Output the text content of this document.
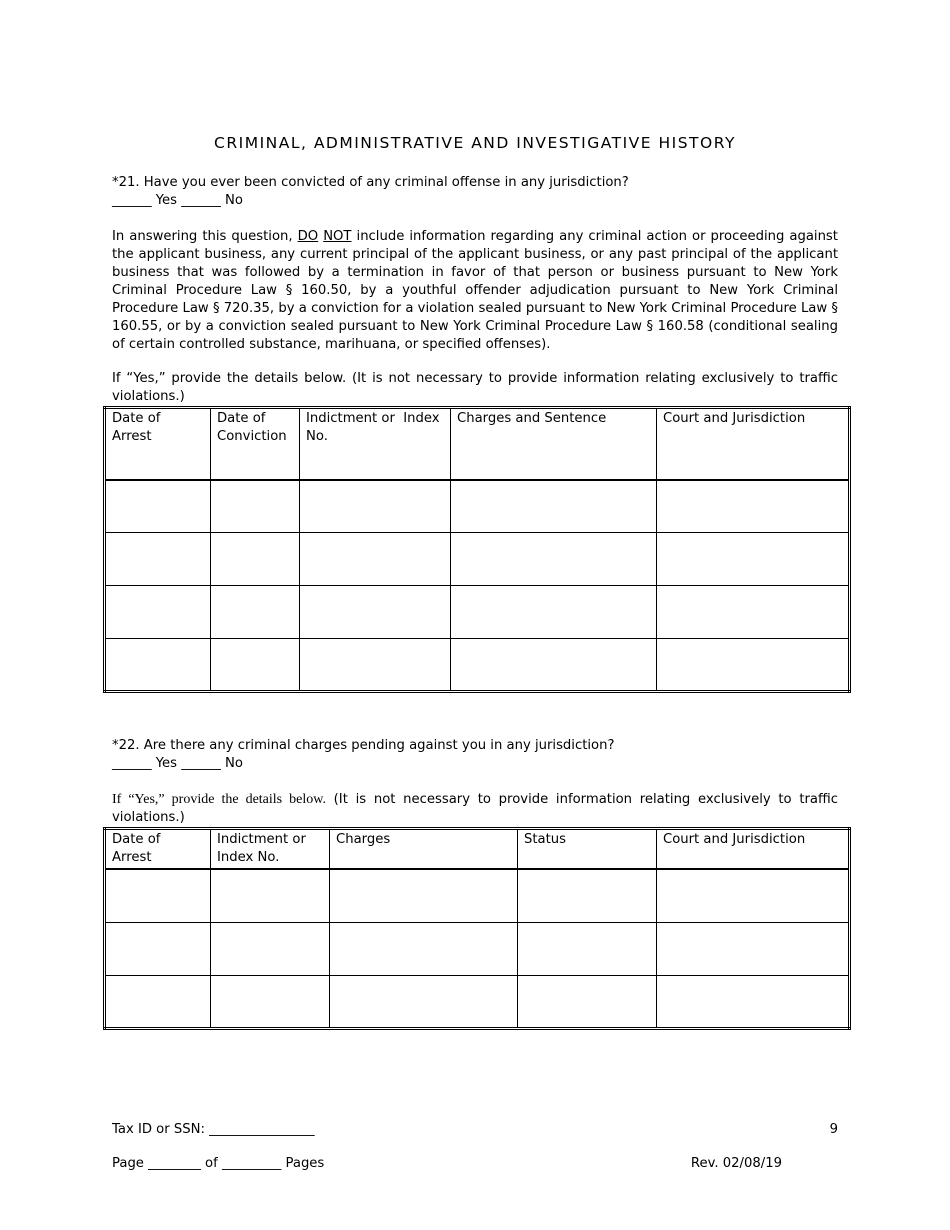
CRIMINAL, ADMINISTRATIVE AND INVESTIGATIVE HISTORY
*21. Have you ever been convicted of any criminal offense in any jurisdiction?
______ Yes ______ No
In answering this question, DO NOT include information regarding any criminal action or proceeding against the applicant business, any current principal of the applicant business, or any past principal of the applicant business that was followed by a termination in favor of that person or business pursuant to New York Criminal Procedure Law § 160.50, by a youthful offender adjudication pursuant to New York Criminal Procedure Law § 720.35, by a conviction for a violation sealed pursuant to New York Criminal Procedure Law § 160.55, or by a conviction sealed pursuant to New York Criminal Procedure Law § 160.58 (conditional sealing of certain controlled substance, marihuana, or specified offenses).
If “Yes,” provide the details below. (It is not necessary to provide information relating exclusively to traffic violations.)
Date of Arrest	Date of Conviction	Indictment or  Index No.	Charges and Sentence	Court and Jurisdiction

*22. Are there any criminal charges pending against you in any jurisdiction?
______ Yes ______ No
If “Yes,” provide the details below. (It is not necessary to provide information relating exclusively to traffic violations.)
Date of Arrest	Indictment or Index No.	Charges	Status	Court and Jurisdiction

Tax ID or SSN: ________________	9
Page ________ of _________ Pages	Rev. 02/08/19
